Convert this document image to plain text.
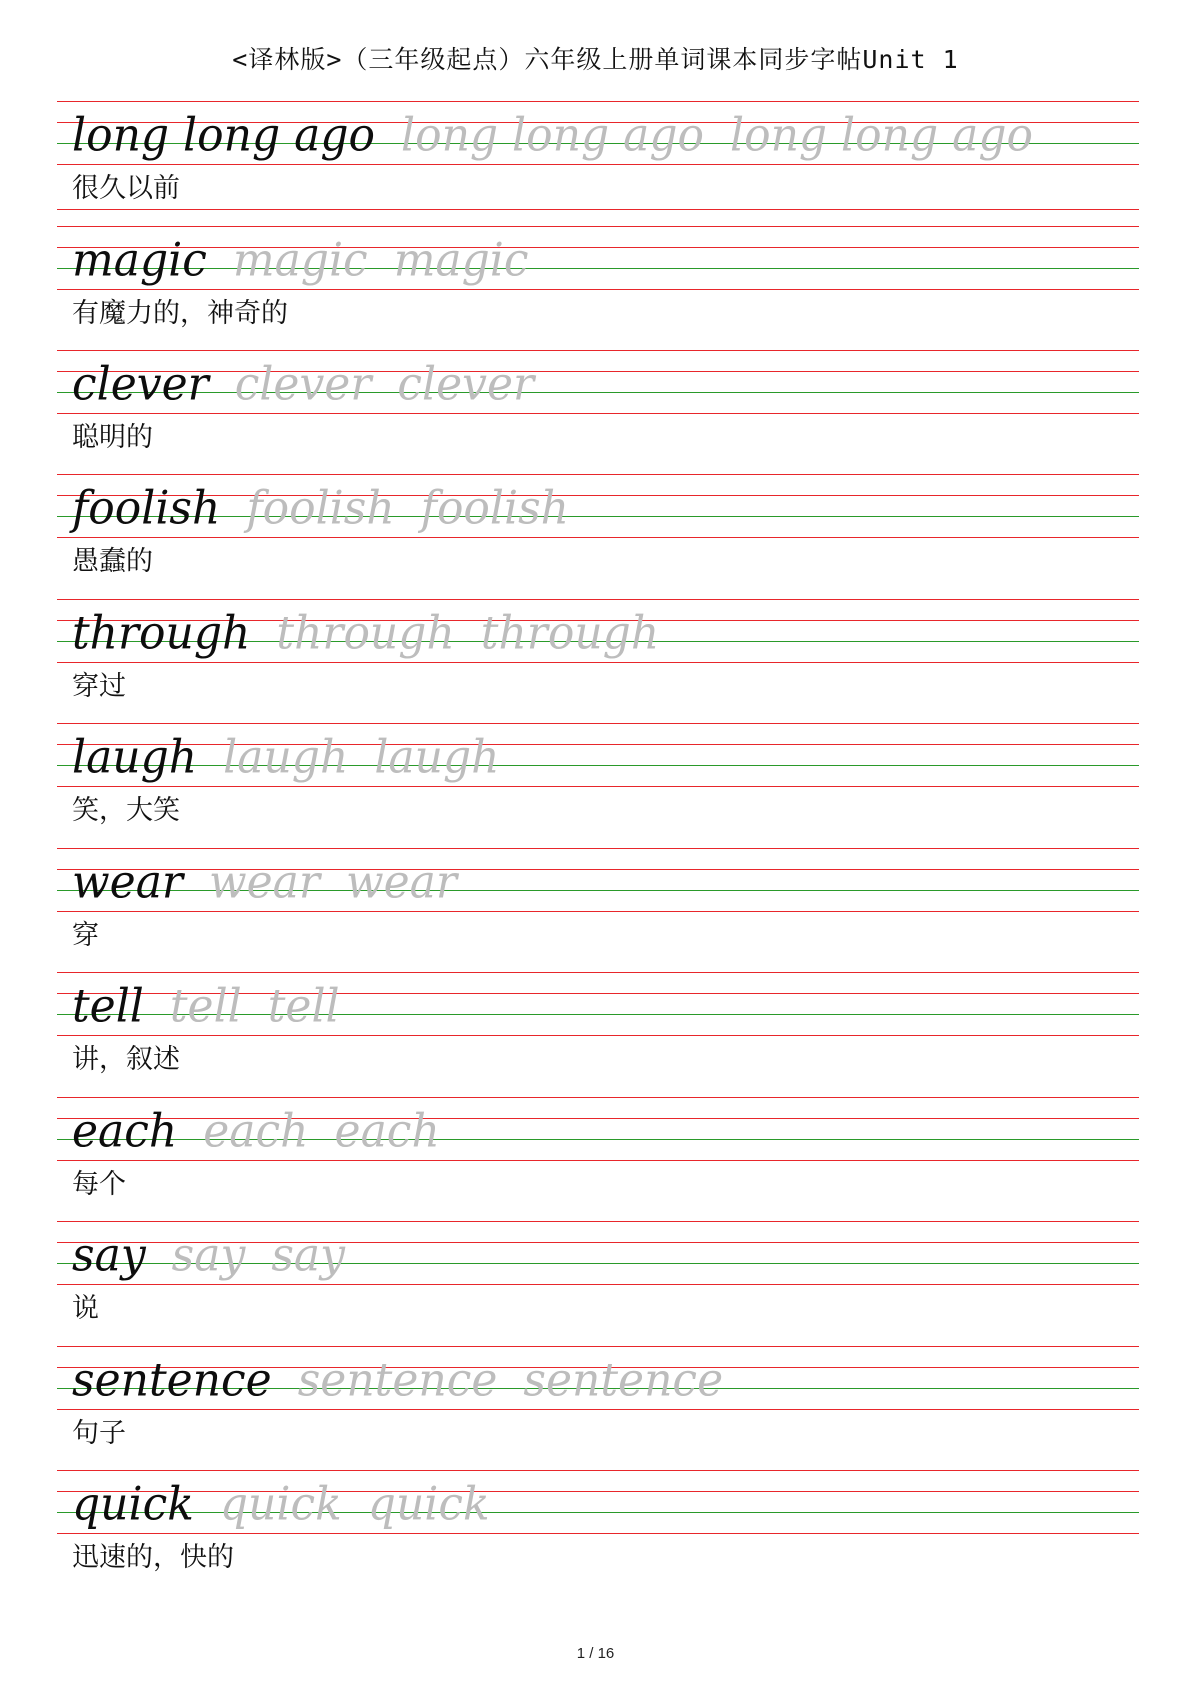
<译林版>（三年级起点）六年级上册单词课本同步字帖Unit 1
long long ago long long ago long long ago
很久以前
magic magic magic
有魔力的，神奇的
clever clever clever
聪明的
foolish foolish foolish
愚蠢的
through through through
穿过
laugh laugh laugh
笑，大笑
wear wear wear
穿
tell tell tell
讲，叙述
each each each
每个
say say say
说
sentence sentence sentence
句子
quick quick quick
迅速的，快的
1 / 16
